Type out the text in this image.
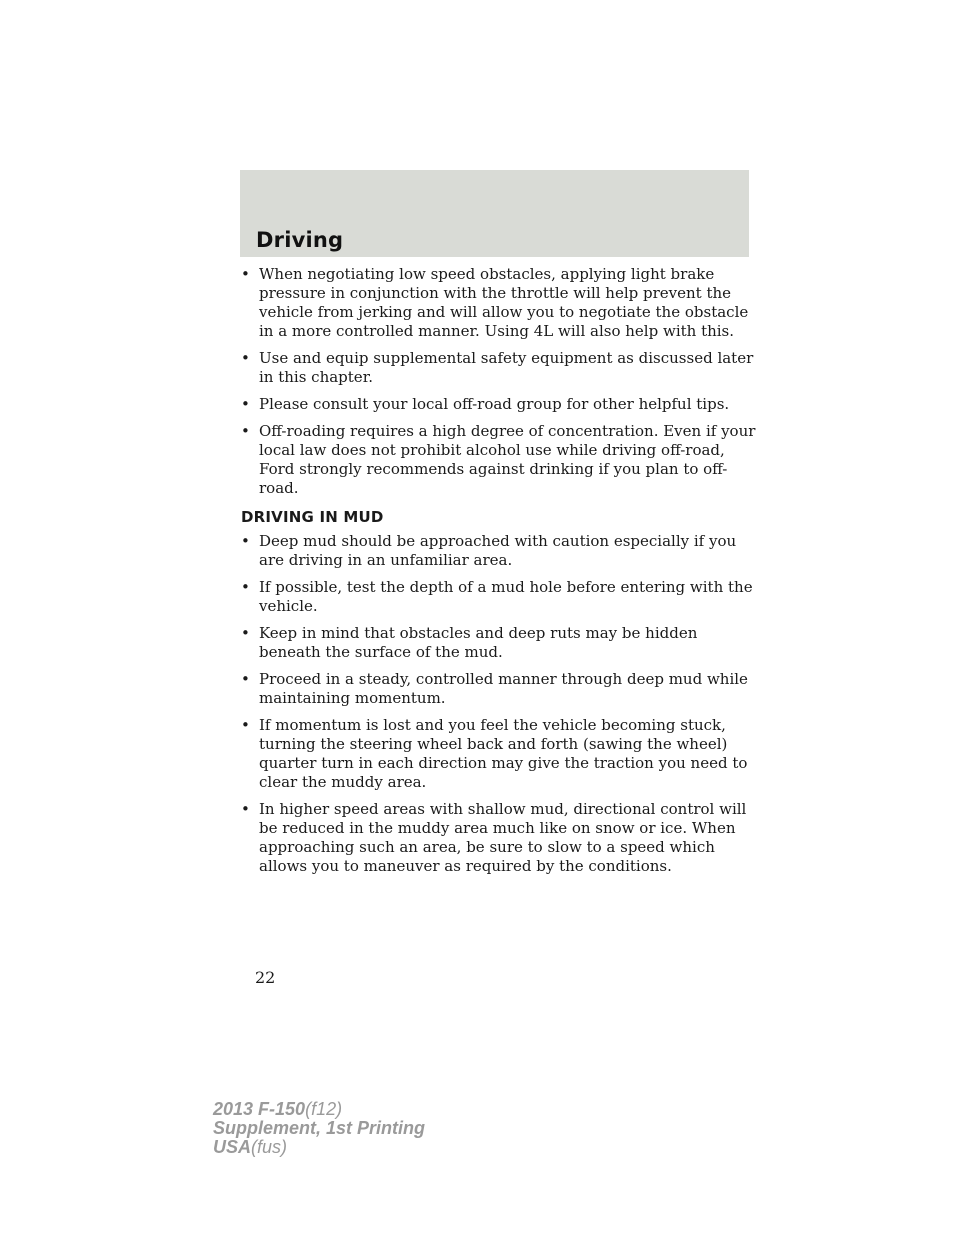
Driving
• When negotiating low speed obstacles, applying light brake pressure in conjunction with the throttle will help prevent the vehicle from jerking and will allow you to negotiate the obstacle in a more controlled manner. Using 4L will also help with this.
• Use and equip supplemental safety equipment as discussed later in this chapter.
• Please consult your local off-road group for other helpful tips.
• Off-roading requires a high degree of concentration. Even if your local law does not prohibit alcohol use while driving off-road, Ford strongly recommends against drinking if you plan to off-road.
DRIVING IN MUD
• Deep mud should be approached with caution especially if you are driving in an unfamiliar area.
• If possible, test the depth of a mud hole before entering with the vehicle.
• Keep in mind that obstacles and deep ruts may be hidden beneath the surface of the mud.
• Proceed in a steady, controlled manner through deep mud while maintaining momentum.
• If momentum is lost and you feel the vehicle becoming stuck, turning the steering wheel back and forth (sawing the wheel) quarter turn in each direction may give the traction you need to clear the muddy area.
• In higher speed areas with shallow mud, directional control will be reduced in the muddy area much like on snow or ice. When approaching such an area, be sure to slow to a speed which allows you to maneuver as required by the conditions.
22
2013 F-150(f12)
Supplement, 1st Printing
USA(fus)
